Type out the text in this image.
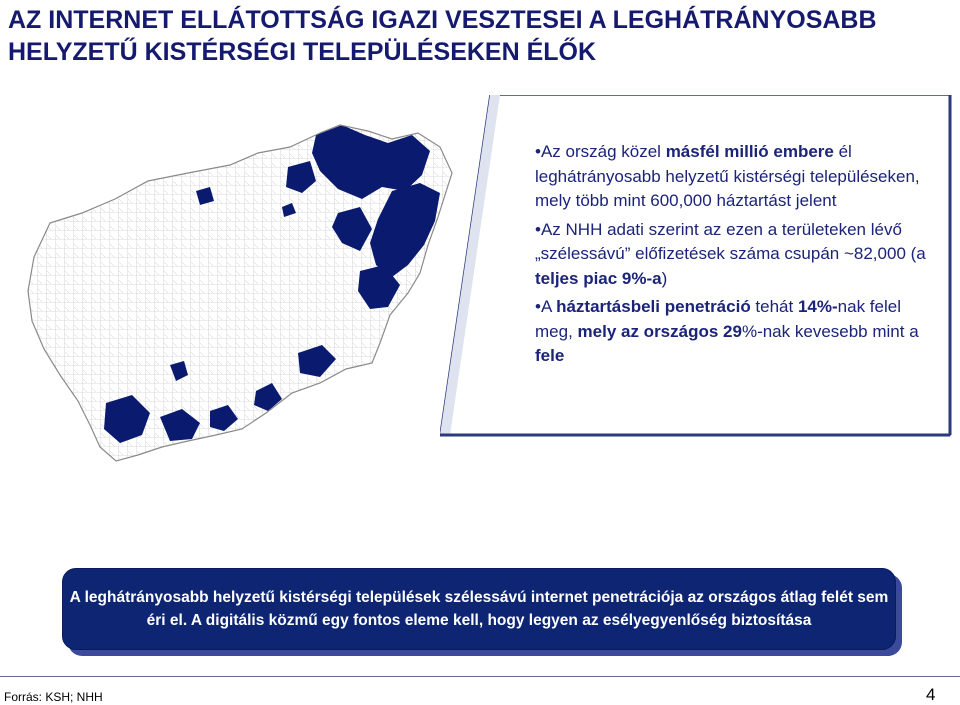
AZ INTERNET ELLÁTOTTSÁG IGAZI VESZTESEI A LEGHÁTRÁNYOSABB HELYZETŰ KISTÉRSÉGI TELEPÜLÉSEKEN ÉLŐK

•Az ország közel másfél millió embere él leghátrányosabb helyzetű kistérségi településeken, mely több mint 600,000 háztartást jelent

•Az NHH adati szerint az ezen a területeken lévő „szélessávú” előfizetések száma csupán ~82,000 (a teljes piac 9%-a)

•A háztartásbeli penetráció tehát 14%-nak felel meg, mely az országos 29%-nak kevesebb mint a fele

A leghátrányosabb helyzetű kistérségi települések szélessávú internet penetrációja az országos átlag felét sem éri el. A digitális közmű egy fontos eleme kell, hogy legyen az esélyegyenlőség biztosítása
Forrás: KSH; NHH	4
